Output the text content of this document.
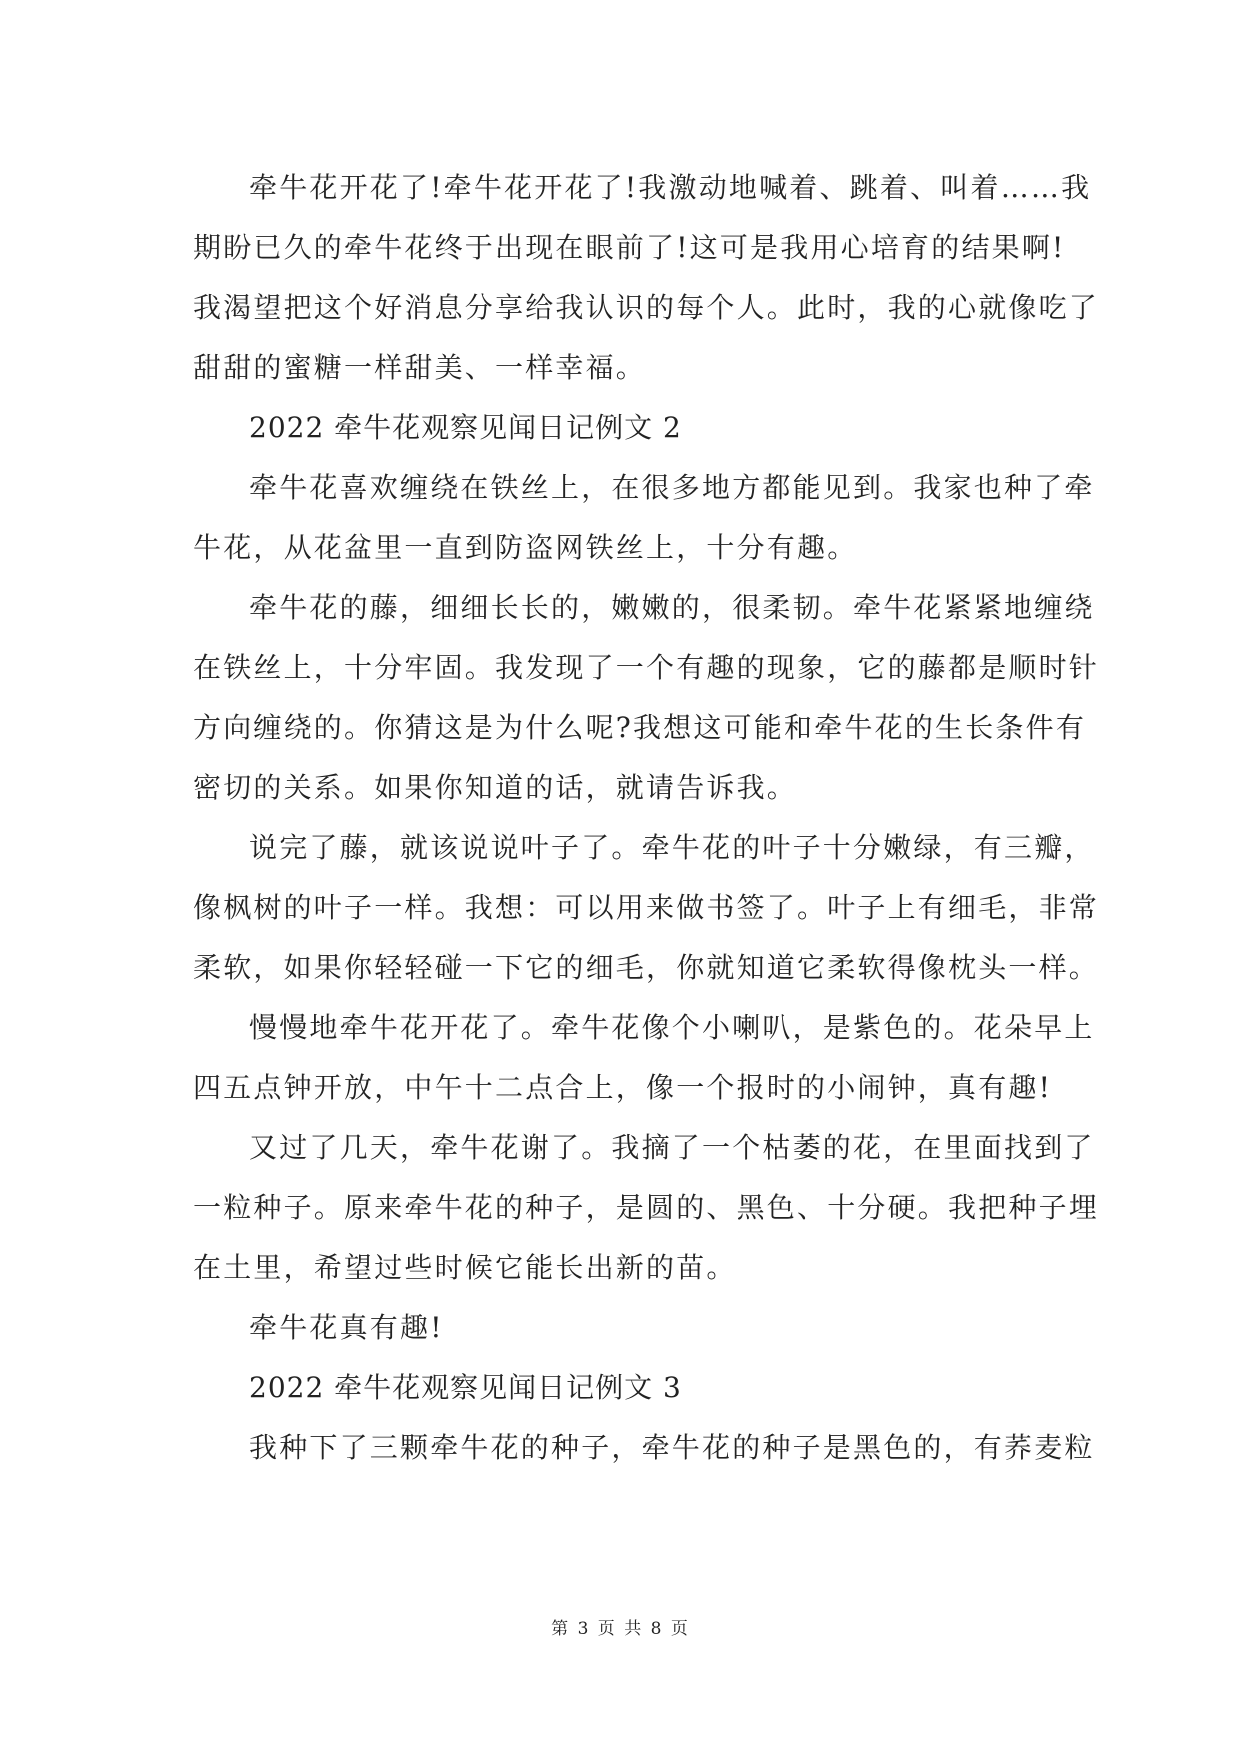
牵牛花开花了!牵牛花开花了!我激动地喊着、跳着、叫着……我
期盼已久的牵牛花终于出现在眼前了!这可是我用心培育的结果啊!
我渴望把这个好消息分享给我认识的每个人。此时，我的心就像吃了
甜甜的蜜糖一样甜美、一样幸福。
2022 牵牛花观察见闻日记例文 2
牵牛花喜欢缠绕在铁丝上，在很多地方都能见到。我家也种了牵
牛花，从花盆里一直到防盗网铁丝上，十分有趣。
牵牛花的藤，细细长长的，嫩嫩的，很柔韧。牵牛花紧紧地缠绕
在铁丝上，十分牢固。我发现了一个有趣的现象，它的藤都是顺时针
方向缠绕的。你猜这是为什么呢?我想这可能和牵牛花的生长条件有
密切的关系。如果你知道的话，就请告诉我。
说完了藤，就该说说叶子了。牵牛花的叶子十分嫩绿，有三瓣，
像枫树的叶子一样。我想：可以用来做书签了。叶子上有细毛，非常
柔软，如果你轻轻碰一下它的细毛，你就知道它柔软得像枕头一样。
慢慢地牵牛花开花了。牵牛花像个小喇叭，是紫色的。花朵早上
四五点钟开放，中午十二点合上，像一个报时的小闹钟，真有趣!
又过了几天，牵牛花谢了。我摘了一个枯萎的花，在里面找到了
一粒种子。原来牵牛花的种子，是圆的、黑色、十分硬。我把种子埋
在土里，希望过些时候它能长出新的苗。
牵牛花真有趣!
2022 牵牛花观察见闻日记例文 3
我种下了三颗牵牛花的种子，牵牛花的种子是黑色的，有荞麦粒
第 3 页 共 8 页
